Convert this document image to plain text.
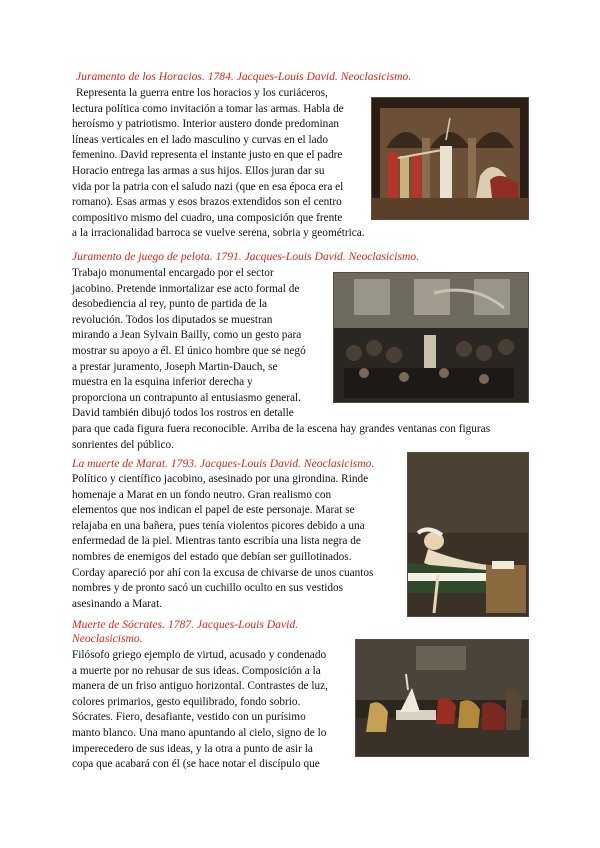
Juramento de los Horacios. 1784. Jacques-Louis David. Neoclasicismo.
Representa la guerra entre los horacios y los curiáceros,
lectura política como invitación a tomar las armas. Habla de
heroísmo y patriotismo. Interior austero donde predominan
líneas verticales en el lado masculino y curvas en el lado
femenino. David representa el instante justo en que el padre
Horacio entrega las armas a sus hijos. Ellos juran dar su
vida por la patria con el saludo nazi (que en esa época era el
romano). Esas armas y esos brazos extendidos son el centro
compositivo mismo del cuadro, una composición que frente
a la irracionalidad barroca se vuelve serena, sobria y geométrica.
Juramento de juego de pelota. 1791. Jacques-Louis David. Neoclasicismo.
Trabajo monumental encargado por el sector
jacobino. Pretende inmortalizar ese acto formal de
desobediencia al rey, punto de partida de la
revolución. Todos los diputados se muestran
mirando a Jean Sylvain Bailly, como un gesto para
mostrar su apoyo a él. El único hombre que se negó
a prestar juramento, Joseph Martin-Dauch, se
muestra en la esquina inferior derecha y
proporciona un contrapunto al entusiasmo general.
David también dibujó todos los rostros en detalle
para que cada figura fuera reconocible. Arriba de la escena hay grandes ventanas con figuras
sonrientes del público.
La muerte de Marat. 1793. Jacques-Louis David. Neoclasicismo.
Político y científico jacobino, asesinado por una girondina. Rinde
homenaje a Marat en un fondo neutro. Gran realismo con
elementos que nos indican el papel de este personaje. Marat se
relajaba en una bañera, pues tenía violentos picores debido a una
enfermedad de la piel. Mientras tanto escribía una lista negra de
nombres de enemigos del estado que debían ser guillotinados.
Corday apareció por ahí con la excusa de chivarse de unos cuantos
nombres y de pronto sacó un cuchillo oculto en sus vestidos
asesinando a Marat.
Muerte de Sócrates. 1787. Jacques-Louis David.
Neoclasicismo.
Filósofo griego ejemplo de virtud, acusado y condenado
a muerte por no rehusar de sus ideas. Composición a la
manera de un friso antiguo horizontal. Contrastes de luz,
colores primarios, gesto equilibrado, fondo sobrio.
Sócrates. Fiero, desafiante, vestido con un purísimo
manto blanco. Una mano apuntando al cielo, signo de lo
imperecedero de sus ideas, y la otra a punto de asir la
copa que acabará con él (se hace notar el discípulo que
